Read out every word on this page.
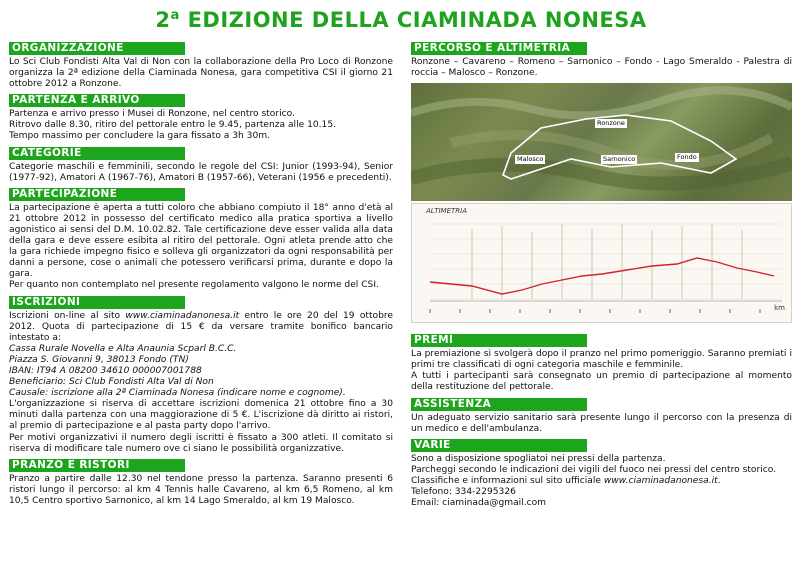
2$^a$ EDIZIONE DELLA CIAMINADA NONESA
ORGANIZZAZIONE
Lo Sci Club Fondisti Alta Val di Non con la collaborazione della Pro Loco di Ronzone organizza la 2ª edizione della Ciaminada Nonesa, gara competitiva CSI il giorno 21 ottobre 2012 a Ronzone.
PARTENZA E ARRIVO

Partenza e arrivo presso i Musei di Ronzone, nel centro storico.

Ritrovo dalle 8.30, ritiro del pettorale entro le 9.45, partenza alle 10.15.

Tempo massimo per concludere la gara fissato a 3h 30m.

CATEGORIE
Categorie maschili e femminili, secondo le regole del CSI: Junior (1993-94), Senior (1977-92), Amatori A (1967-76), Amatori B (1957-66), Veterani (1956 e precedenti).
PARTECIPAZIONE

La partecipazione è aperta a tutti coloro che abbiano compiuto il 18° anno d'età al 21 ottobre 2012 in possesso del certificato medico alla pratica sportiva a livello agonistico ai sensi del D.M. 10.02.82. Tale certificazione deve esser valida alla data della gara e deve essere esibita al ritiro del pettorale. Ogni atleta prende atto che la gara richiede impegno fisico e solleva gli organizzatori da ogni responsabilità per danni a persone, cose o animali che potessero verificarsi prima, durante e dopo la gara.

Per quanto non contemplato nel presente regolamento valgono le norme del CSI.

ISCRIZIONI

Iscrizioni on-line al sito www.ciaminadanonesa.it entro le ore 20 del 19 ottobre 2012. Quota di partecipazione di 15 € da versare tramite bonifico bancario intestato a:

Cassa Rurale Novella e Alta Anaunia Scparl B.C.C.

Piazza S. Giovanni 9, 38013 Fondo (TN)

IBAN: IT94 A 08200 34610 000007001788

Beneficiario: Sci Club Fondisti Alta Val di Non

Causale: iscrizione alla 2ª Ciaminada Nonesa (indicare nome e cognome).

L'organizzazione si riserva di accettare iscrizioni domenica 21 ottobre fino a 30 minuti dalla partenza con una maggiorazione di 5 €. L'iscrizione dà diritto ai ristori, al premio di partecipazione e al pasta party dopo l'arrivo.

Per motivi organizzativi il numero degli iscritti è fissato a 300 atleti. Il comitato si riserva di modificare tale numero ove ci siano le possibilità organizzative.

PRANZO E RISTORI
Pranzo a partire dalle 12.30 nel tendone presso la partenza. Saranno presenti 6 ristori lungo il percorso: al km 4 Tennis halle Cavareno, al km 6,5 Romeno, al km 10,5 Centro sportivo Sarnonico, al km 14 Lago Smeraldo, al km 19 Malosco.
PERCORSO E ALTIMETRIA
Ronzone – Cavareno – Romeno – Sarnonico – Fondo - Lago Smeraldo - Palestra di roccia – Malosco – Ronzone.
Ronzone
Malosco	Sarnonico	Fondo
ALTIMETRIA
km
PREMI

La premiazione si svolgerà dopo il pranzo nel primo pomeriggio. Saranno premiati i primi tre classificati di ogni categoria maschile e femminile.

A tutti i partecipanti sarà consegnato un premio di partecipazione al momento della restituzione del pettorale.

ASSISTENZA
Un adeguato servizio sanitario sarà presente lungo il percorso con la presenza di un medico e dell'ambulanza.
VARIE

Sono a disposizione spogliatoi nei pressi della partenza.

Parcheggi secondo le indicazioni dei vigili del fuoco nei pressi del centro storico.

Classifiche e informazioni sul sito ufficiale www.ciaminadanonesa.it.

Telefono: 334-2295326

Email: ciaminada@gmail.com
